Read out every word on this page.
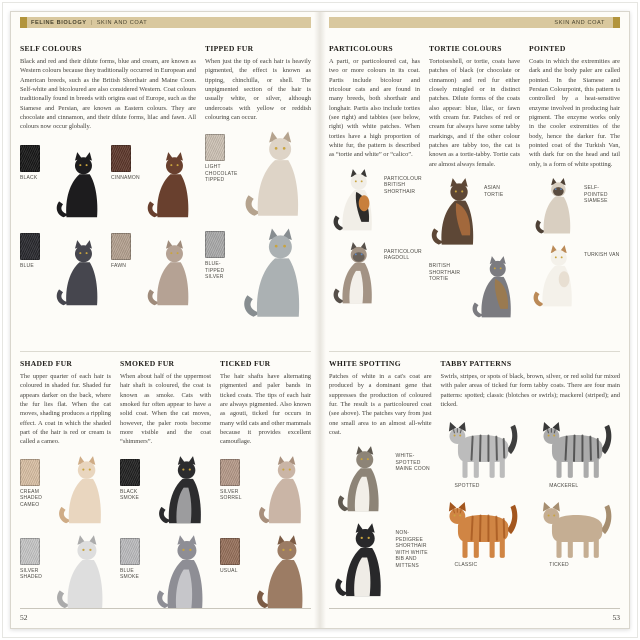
FELINE BIOLOGY | SKIN AND COAT
SELF COLOURS

Black and red and their dilute forms, blue and cream, are known as Western colours because they traditionally occurred in European and American breeds, such as the British Shorthair and Maine Coon. Self-white and bicoloured are also considered Western. Coat colours traditionally found in breeds with origins east of Europe, such as the Siamese and Persian, are known as Eastern colours. They are chocolate and cinnamon, and their dilute forms, lilac and fawn. All colours now occur globally.

BLACK	CINNAMON
BLUE	FAWN
TIPPED FUR

When just the tip of each hair is heavily pigmented, the effect is known as tipping, chinchilla, or shell. The unpigmented section of the hair is usually white, or silver, although undercoats with yellow or reddish colouring can occur.

LIGHT CHOCOLATE TIPPED
BLUE-TIPPED SILVER
SHADED FUR

The upper quarter of each hair is coloured in shaded fur. Shaded fur appears darker on the back, where the fur lies flat. When the cat moves, shading produces a rippling effect. A coat in which the shaded part of the hair is red or cream is called a cameo.

CREAM SHADED CAMEO
SILVER SHADED
SMOKED FUR

When about half of the uppermost hair shaft is coloured, the coat is known as smoke. Cats with smoked fur often appear to have a solid coat. When the cat moves, however, the paler roots become more visible and the coat “shimmers”.

BLACK SMOKE
BLUE SMOKE
TICKED FUR

The hair shafts have alternating pigmented and paler bands in ticked coats. The tips of each hair are always pigmented. Also known as agouti, ticked fur occurs in many wild cats and other mammals because it provides excellent camouflage.

SILVER SORREL
USUAL
52
SKIN AND COAT
PARTICOLOURS

A parti, or particoloured cat, has two or more colours in its coat. Partis include bicolour and tricolour cats and are found in many breeds, both shorthair and longhair. Partis also include torties (see right) and tabbies (see below, right) with white patches. When torties have a high proportion of white fur, the pattern is described as “tortie and white” or “calico”.

PARTICOLOUR BRITISH SHORTHAIR
PARTICOLOUR RAGDOLL
TORTIE COLOURS

Tortoiseshell, or tortie, coats have patches of black (or chocolate or cinnamon) and red fur either closely mingled or in distinct patches. Dilute forms of the coats also appear: blue, lilac, or fawn with cream fur. Patches of red or cream fur always have some tabby markings, and if the other colour patches are tabby too, the cat is known as a tortie-tabby. Tortie cats are almost always female.

ASIAN TORTIE
BRITISH SHORTHAIR TORTIE
POINTED

Coats in which the extremities are dark and the body paler are called pointed. In the Siamese and Persian Colourpoint, this pattern is controlled by a heat-sensitive enzyme involved in producing hair pigment. The enzyme works only in the cooler extremities of the body, hence the darker fur. The pointed coat of the Turkish Van, with dark fur on the head and tail only, is a form of white spotting.

SELF-POINTED SIAMESE
TURKISH VAN
WHITE SPOTTING

Patches of white in a cat's coat are produced by a dominant gene that suppresses the production of coloured fur. The result is a particoloured coat (see above). The patches vary from just one small area to an almost all-white coat.

WHITE-SPOTTED MAINE COON
NON-PEDIGREE SHORTHAIR WITH WHITE BIB AND MITTENS
TABBY PATTERNS

Swirls, stripes, or spots of black, brown, silver, or red solid fur mixed with paler areas of ticked fur form tabby coats. There are four main patterns: spotted; classic (blotches or swirls); mackerel (striped); and ticked.

SPOTTED	MACKEREL
CLASSIC	TICKED
53
